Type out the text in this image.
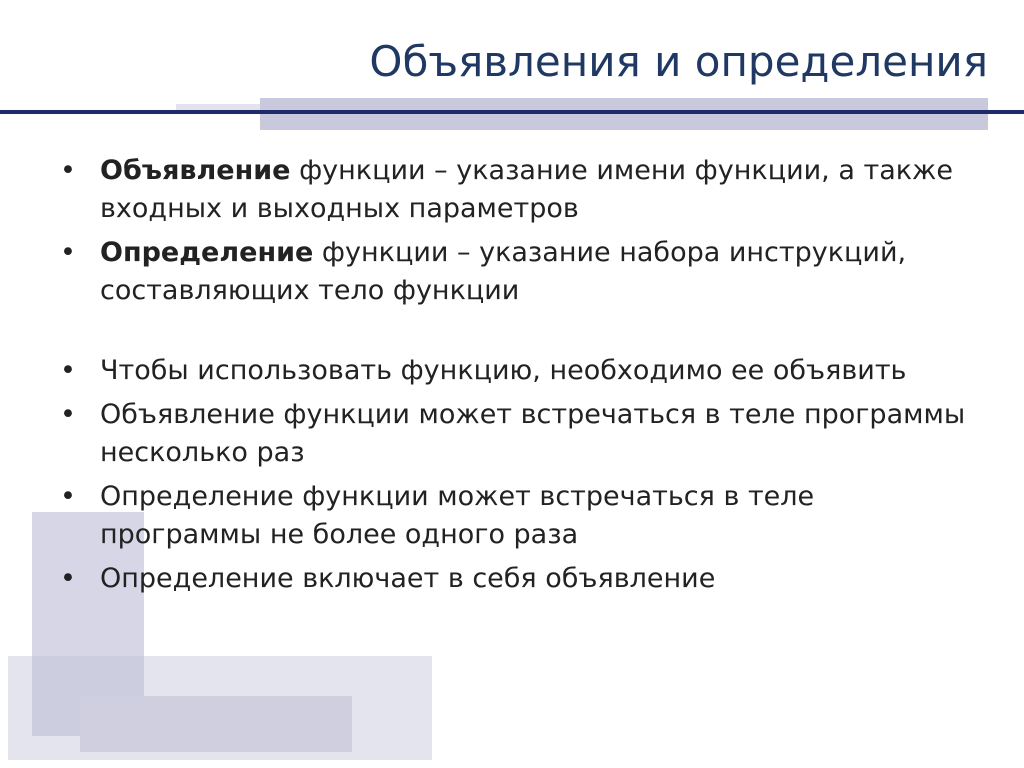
Объявления и определения
• Объявление функции – указание имени функции, а также входных и выходных параметров
• Определение функции – указание набора инструкций, составляющих тело функции
• Чтобы использовать функцию, необходимо ее объявить
• Объявление функции может встречаться в теле программы несколько раз
• Определение функции может встречаться в теле программы не более одного раза
• Определение включает в себя объявление
